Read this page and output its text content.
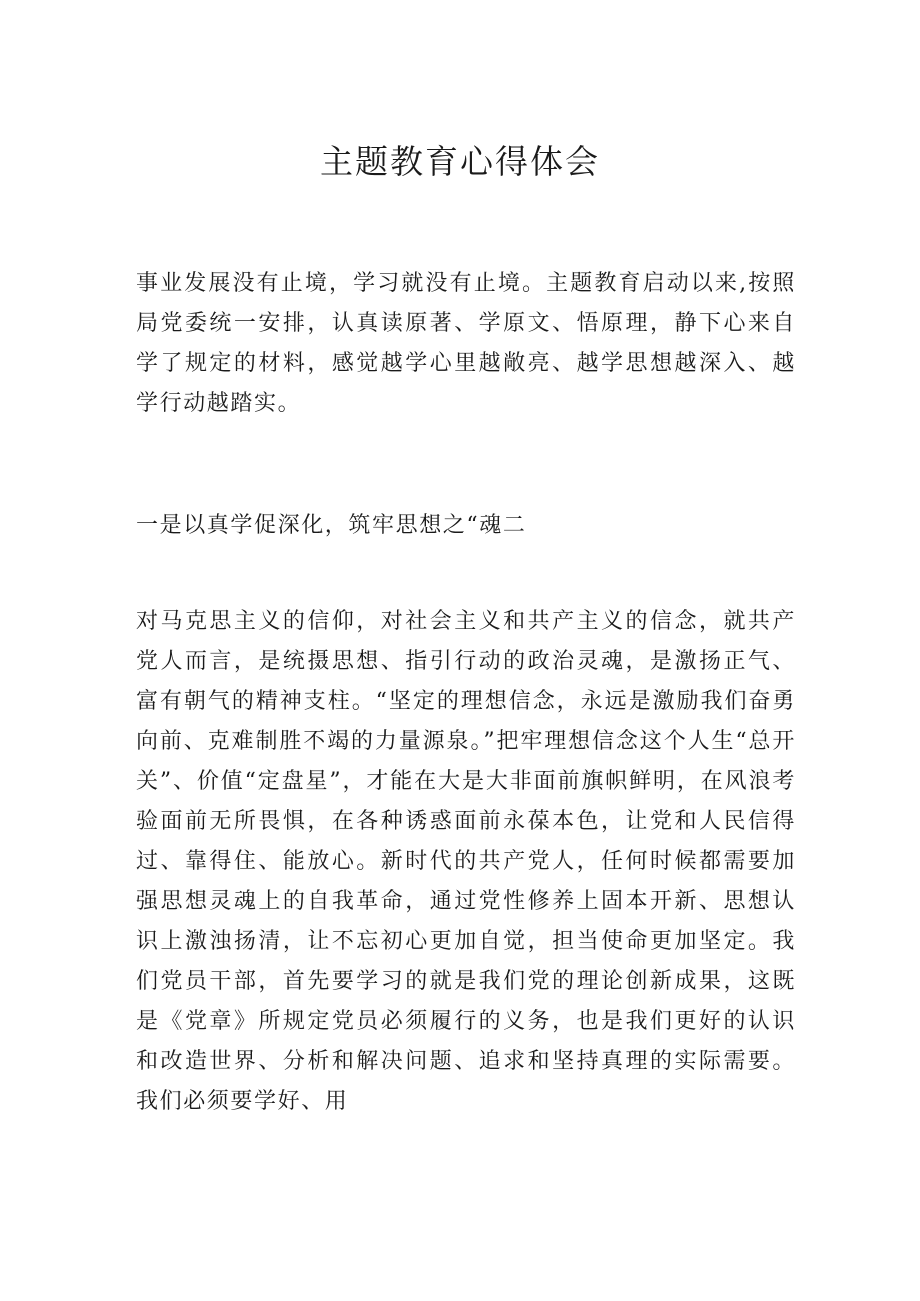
主题教育心得体会

事业发展没有止境，学习就没有止境。主题教育启动以来,按照局党委统一安排，认真读原著、学原文、悟原理，静下心来自学了规定的材料，感觉越学心里越敞亮、越学思想越深入、越学行动越踏实。

一是以真学促深化，筑牢思想之“魂二

对马克思主义的信仰，对社会主义和共产主义的信念，就共产党人而言，是统摄思想、指引行动的政治灵魂，是激扬正气、富有朝气的精神支柱。“坚定的理想信念，永远是激励我们奋勇向前、克难制胜不竭的力量源泉。”把牢理想信念这个人生“总开关”、价值“定盘星”，才能在大是大非面前旗帜鲜明，在风浪考验面前无所畏惧，在各种诱惑面前永葆本色，让党和人民信得过、靠得住、能放心。新时代的共产党人，任何时候都需要加强思想灵魂上的自我革命，通过党性修养上固本开新、思想认识上激浊扬清，让不忘初心更加自觉，担当使命更加坚定。我们党员干部，首先要学习的就是我们党的理论创新成果，这既是《党章》所规定党员必须履行的义务，也是我们更好的认识和改造世界、分析和解决问题、追求和坚持真理的实际需要。我们必须要学好、用
